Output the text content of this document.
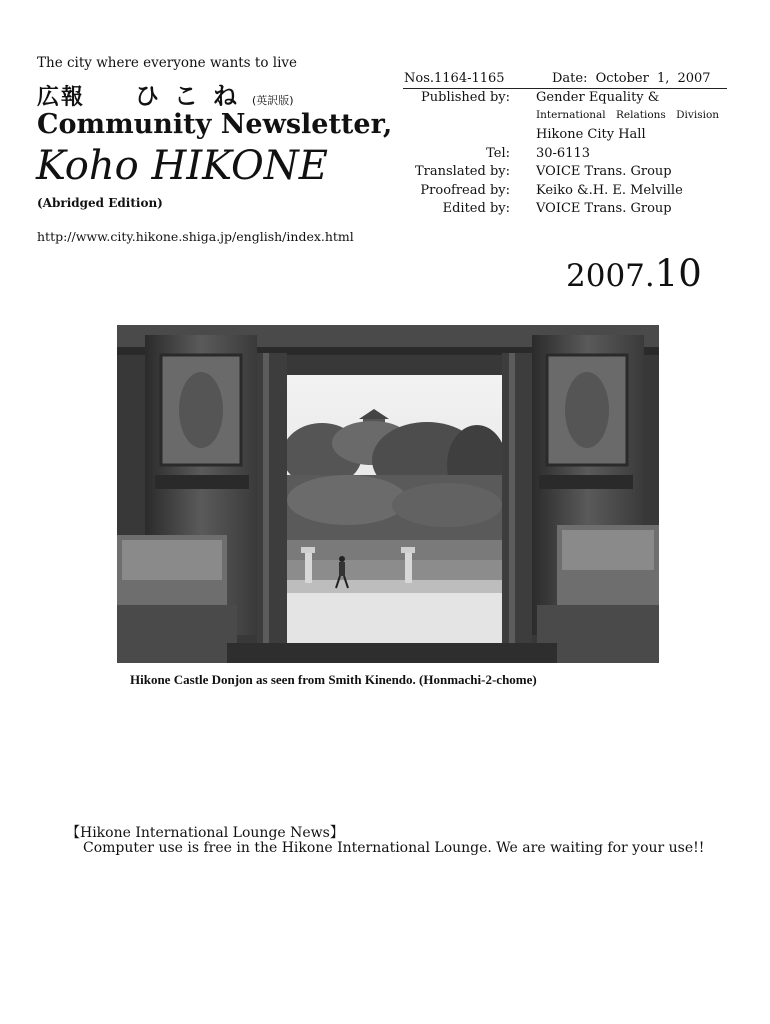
The city where everyone wants to live
広報 ひこね(英訳版)
Community Newsletter,
Koho HIKONE
(Abridged Edition)
http://www.city.hikone.shiga.jp/english/index.html
Nos.1164-1165	Date: October 1, 2007
Published by:	Gender Equality &
	International Relations Division
	Hikone City Hall
Tel:	30-6113
Translated by:	VOICE Trans. Group
Proofread by:	Keiko &.H. E. Melville
Edited by:	VOICE Trans. Group
2007.10
Hikone Castle Donjon as seen from Smith Kinendo. (Honmachi-2-chome)
【Hikone International Lounge News】
Computer use is free in the Hikone International Lounge. We are waiting for your use!!
